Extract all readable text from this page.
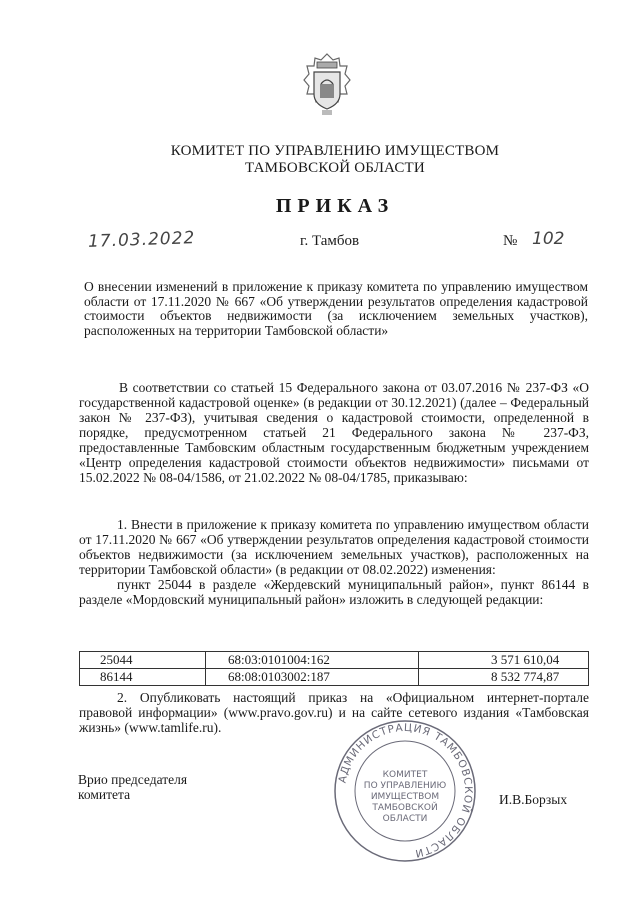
КОМИТЕТ ПО УПРАВЛЕНИЮ ИМУЩЕСТВОМ
ТАМБОВСКОЙ ОБЛАСТИ
ПРИКАЗ
17.03.2022	г. Тамбов	№ 102
О внесении изменений в приложение к приказу комитета по управлению имуществом области от 17.11.2020 № 667 «Об утверждении результатов определения кадастровой стоимости объектов недвижимости (за исключением земельных участков), расположенных на территории Тамбовской области»

В соответствии со статьей 15 Федерального закона от 03.07.2016 № 237-ФЗ «О государственной кадастровой оценке» (в редакции от 30.12.2021) (далее – Федеральный закон № 237-ФЗ), учитывая сведения о кадастровой стоимости, определенной в порядке, предусмотренном статьей 21 Федерального закона № 237-ФЗ, предоставленные Тамбовским областным государственным бюджетным учреждением «Центр определения кадастровой стоимости объектов недвижимости» письмами от 15.02.2022 № 08-04/1586, от 21.02.2022 № 08-04/1785, приказываю:

1. Внести в приложение к приказу комитета по управлению имуществом области от 17.11.2020 № 667 «Об утверждении результатов определения кадастровой стоимости объектов недвижимости (за исключением земельных участков), расположенных на территории Тамбовской области» (в редакции от 08.02.2022) изменения:

пункт 25044 в разделе «Жердевский муниципальный район», пункт 86144 в разделе «Мордовский муниципальный район» изложить в следующей редакции:

25044	68:03:0101004:162	3 571 610,04
86144	68:08:0103002:187	8 532 774,87

2. Опубликовать настоящий приказ на «Официальном интернет-портале правовой информации» (www.pravo.gov.ru) и на сайте сетевого издания «Тамбовская жизнь» (www.tamlife.ru).

АДМИНИСТРАЦИЯ ТАМБОВСКОЙ ОБЛАСТИ
КОМИТЕТ
ПО УПРАВЛЕНИЮ
ИМУЩЕСТВОМ
ТАМБОВСКОЙ
ОБЛАСТИ
Врио председателя
комитета	И.В.Борзых
